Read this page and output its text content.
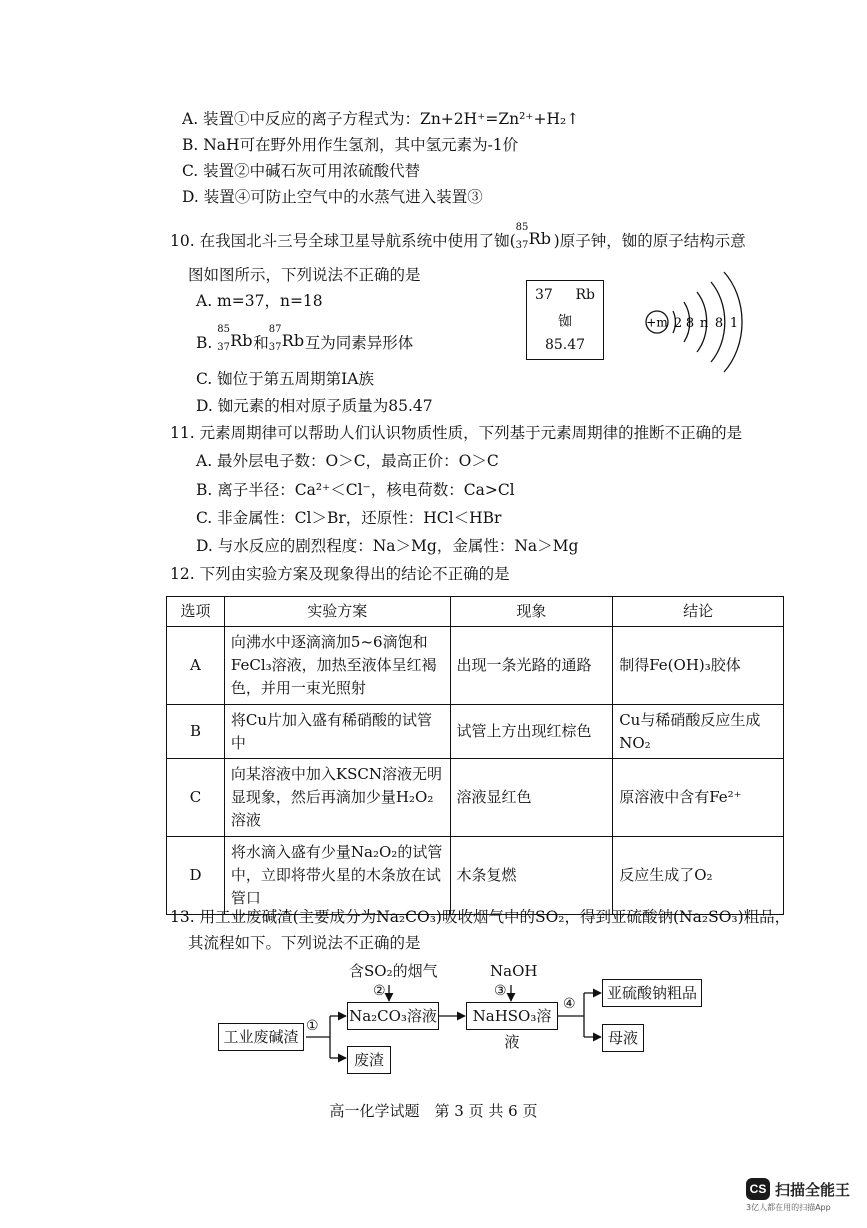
A. 装置①中反应的离子方程式为：Zn+2H⁺=Zn²⁺+H₂↑
B. NaH可在野外用作生氢剂，其中氢元素为-1价
C. 装置②中碱石灰可用浓硫酸代替
D. 装置④可防止空气中的水蒸气进入装置③
10. 在我国北斗三号全球卫星导航系统中使用了铷(
85
37 Rb )原子钟，铷的原子结构示意
图如图所示，下列说法不正确的是
A. m=37，n=18
B.
85
37 Rb 和
87
37 Rb 互为同素异形体
C. 铷位于第五周期第IA族
D. 铷元素的相对原子质量为85.47
37 Rb
铷
85.47
+m 2 8 n 8 1
11. 元素周期律可以帮助人们认识物质性质，下列基于元素周期律的推断不正确的是
A. 最外层电子数：O＞C，最高正价：O＞C
B. 离子半径：Ca²⁺＜Cl⁻，核电荷数：Ca>Cl
C. 非金属性：Cl＞Br，还原性：HCl＜HBr
D. 与水反应的剧烈程度：Na＞Mg，金属性：Na＞Mg
12. 下列由实验方案及现象得出的结论不正确的是
选项	实验方案	现象	结论
A	向沸水中逐滴滴加5~6滴饱和FeCl₃溶液，加热至液体呈红褐色，并用一束光照射	出现一条光路的通路	制得Fe(OH)₃胶体
B	将Cu片加入盛有稀硝酸的试管中	试管上方出现红棕色	Cu与稀硝酸反应生成NO₂
C	向某溶液中加入KSCN溶液无明显现象，然后再滴加少量H₂O₂溶液	溶液显红色	原溶液中含有Fe²⁺
D	将水滴入盛有少量Na₂O₂的试管中，立即将带火星的木条放在试管口	木条复燃	反应生成了O₂
13. 用工业废碱渣(主要成分为Na₂CO₃)吸收烟气中的SO₂，得到亚硫酸钠(Na₂SO₃)粗品，
其流程如下。下列说法不正确的是
工业废碱渣
Na₂CO₃溶液	NaHSO₃溶液
亚硫酸钠粗品
母液
废渣
含SO₂的烟气	NaOH
②	③
①
④
高一化学试题　第 3 页 共 6 页
CS 扫描全能王
3亿人都在用的扫描App
